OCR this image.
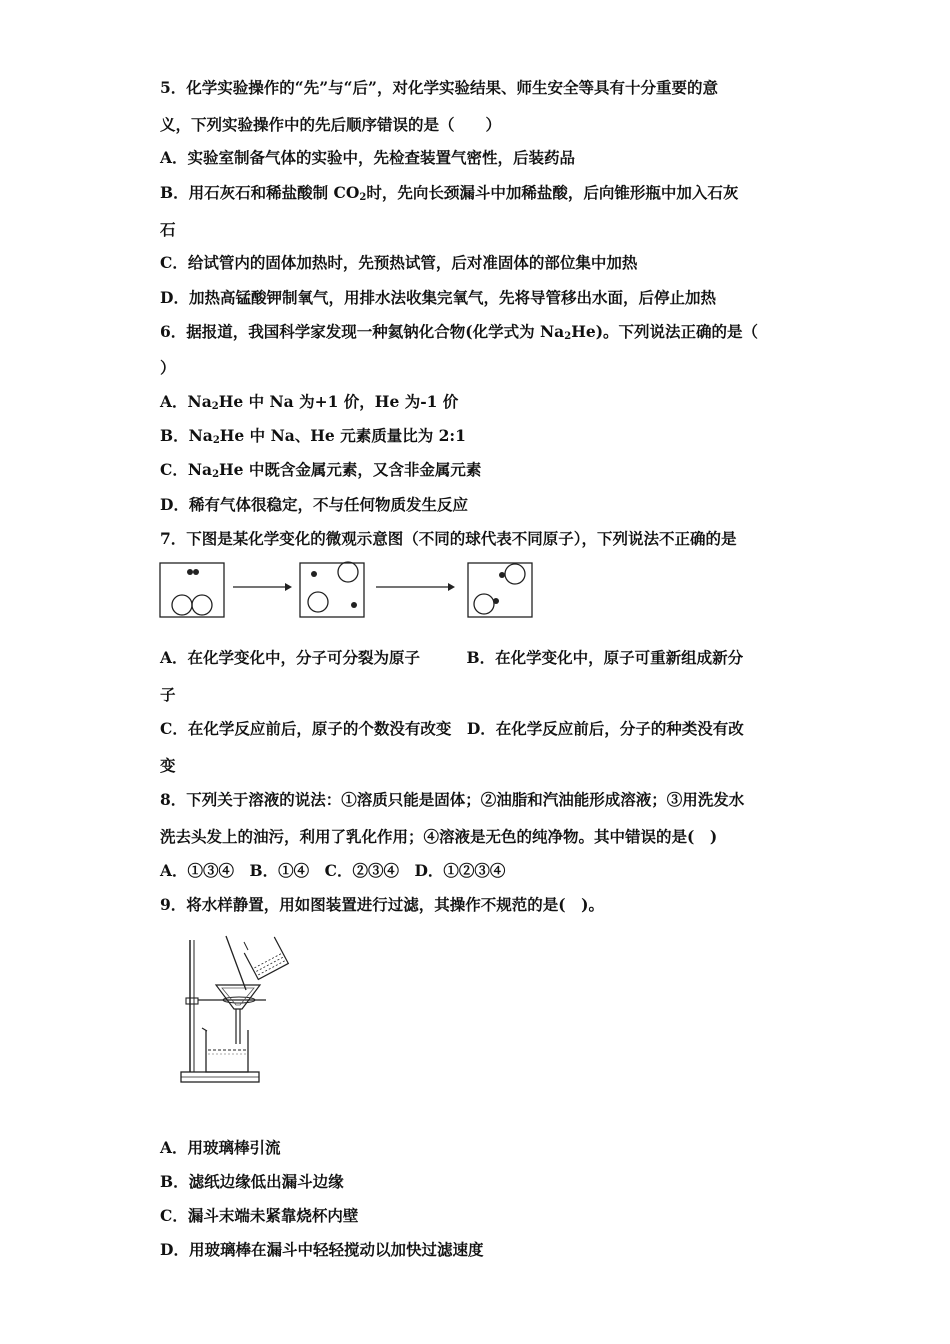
5．化学实验操作的“先”与“后”，对化学实验结果、师生安全等具有十分重要的意
义，下列实验操作中的先后顺序错误的是（　　）
A．实验室制备气体的实验中，先检查装置气密性，后装药品
B．用石灰石和稀盐酸制 $CO_2$时，先向长颈漏斗中加稀盐酸，后向锥形瓶中加入石灰
石
C．给试管内的固体加热时，先预热试管，后对准固体的部位集中加热
D．加热高锰酸钾制氧气，用排水法收集完氧气，先将导管移出水面，后停止加热
6．据报道，我国科学家发现一种氦钠化合物(化学式为 $Na_2He$)。下列说法正确的是（
）
A．$Na_2He$ 中 Na 为+1 价，He 为-1 价
B．$Na_2He$ 中 Na、He 元素质量比为 2:1
C．$Na_2He$ 中既含金属元素，又含非金属元素
D．稀有气体很稳定，不与任何物质发生反应
7．下图是某化学变化的微观示意图（不同的球代表不同原子），下列说法不正确的是
A．在化学变化中，分子可分裂为原子　　　B．在化学变化中，原子可重新组成新分
子
C．在化学反应前后，原子的个数没有改变　D．在化学反应前后，分子的种类没有改
变
8．下列关于溶液的说法：①溶质只能是固体；②油脂和汽油能形成溶液；③用洗发水
洗去头发上的油污，利用了乳化作用；④溶液是无色的纯净物。其中错误的是(　)
A．①③④　B．①④　C．②③④　D．①②③④
9．将水样静置，用如图装置进行过滤，其操作不规范的是(　)。
A．用玻璃棒引流
B．滤纸边缘低出漏斗边缘
C．漏斗末端未紧靠烧杯内壁
D．用玻璃棒在漏斗中轻轻搅动以加快过滤速度
